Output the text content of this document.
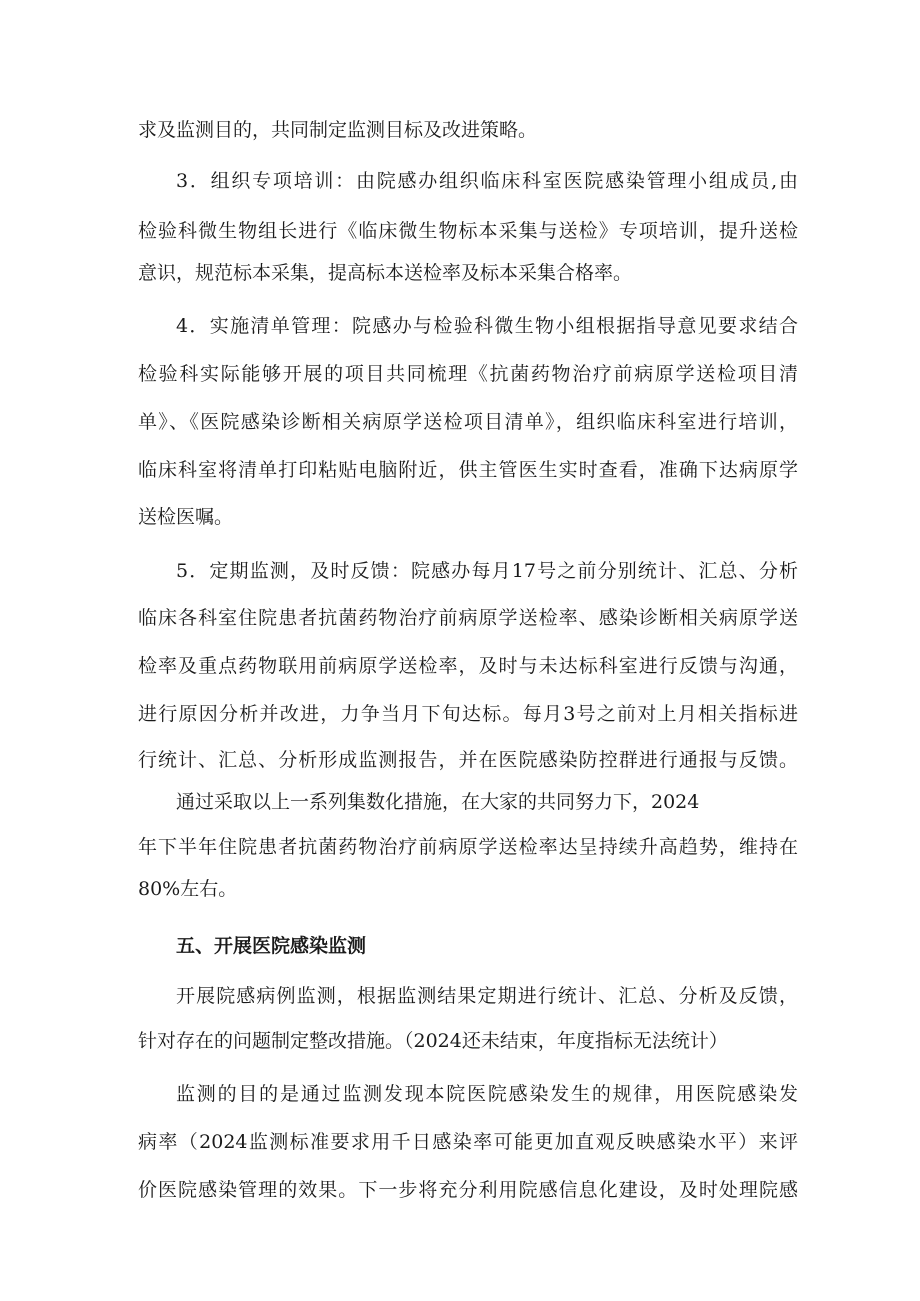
求及监测目的，共同制定监测目标及改进策略。
3．组织专项培训：由院感办组织临床科室医院感染管理小组成员,由
检验科微生物组长进行《临床微生物标本采集与送检》专项培训，提升送检
意识，规范标本采集，提高标本送检率及标本采集合格率。
4．实施清单管理：院感办与检验科微生物小组根据指导意见要求结合
检验科实际能够开展的项目共同梳理《抗菌药物治疗前病原学送检项目清
单》、《医院感染诊断相关病原学送检项目清单》，组织临床科室进行培训，
临床科室将清单打印粘贴电脑附近，供主管医生实时查看，准确下达病原学
送检医嘱。
5．定期监测，及时反馈：院感办每月17号之前分别统计、汇总、分析
临床各科室住院患者抗菌药物治疗前病原学送检率、感染诊断相关病原学送
检率及重点药物联用前病原学送检率，及时与未达标科室进行反馈与沟通，
进行原因分析并改进，力争当月下旬达标。每月3号之前对上月相关指标进
行统计、汇总、分析形成监测报告，并在医院感染防控群进行通报与反馈。
通过采取以上一系列集数化措施，在大家的共同努力下，2024
年下半年住院患者抗菌药物治疗前病原学送检率达呈持续升高趋势，维持在
80%左右。
五、开展医院感染监测
开展院感病例监测，根据监测结果定期进行统计、汇总、分析及反馈，
针对存在的问题制定整改措施。（2024还未结束，年度指标无法统计）
监测的目的是通过监测发现本院医院感染发生的规律，用医院感染发
病率（2024监测标准要求用千日感染率可能更加直观反映感染水平）来评
价医院感染管理的效果。下一步将充分利用院感信息化建设，及时处理院感
